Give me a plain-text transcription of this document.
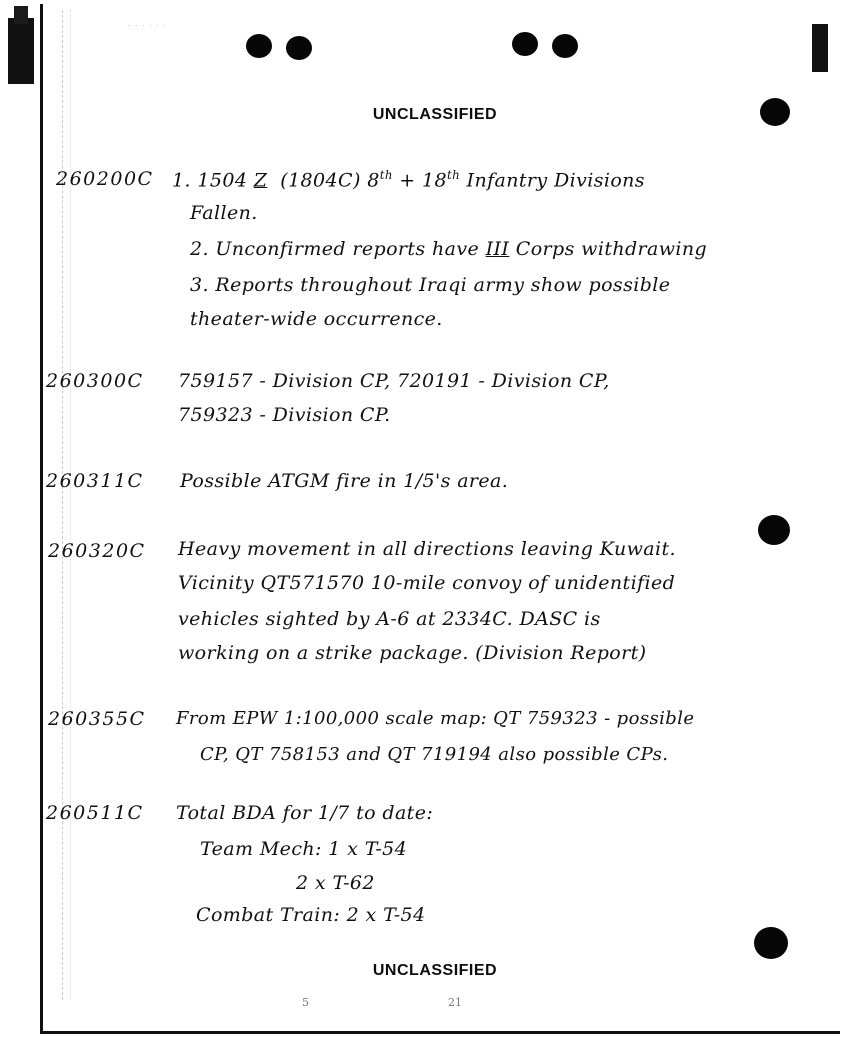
. . . . . .
UNCLASSIFIED
UNCLASSIFIED
260200C 1. 1504 Z  (1804C) 8th + 18th Infantry Divisions
Fallen.
2. Unconfirmed reports have III Corps withdrawing
3. Reports throughout Iraqi army show possible
theater-wide occurrence.
260300C 759157 - Division CP, 720191 - Division CP,
759323 - Division CP.
260311C Possible ATGM fire in 1/5's area.
260320C Heavy movement in all directions leaving Kuwait.
Vicinity QT571570 10-mile convoy of unidentified
vehicles sighted by A-6 at 2334C. DASC is
working on a strike package. (Division Report)
260355C From EPW 1:100,000 scale map: QT 759323 - possible
CP, QT 758153 and QT 719194 also possible CPs.
260511C Total BDA for 1/7 to date:
Team Mech: 1 x T-54
2 x T-62
Combat Train: 2 x T-54
5	21
